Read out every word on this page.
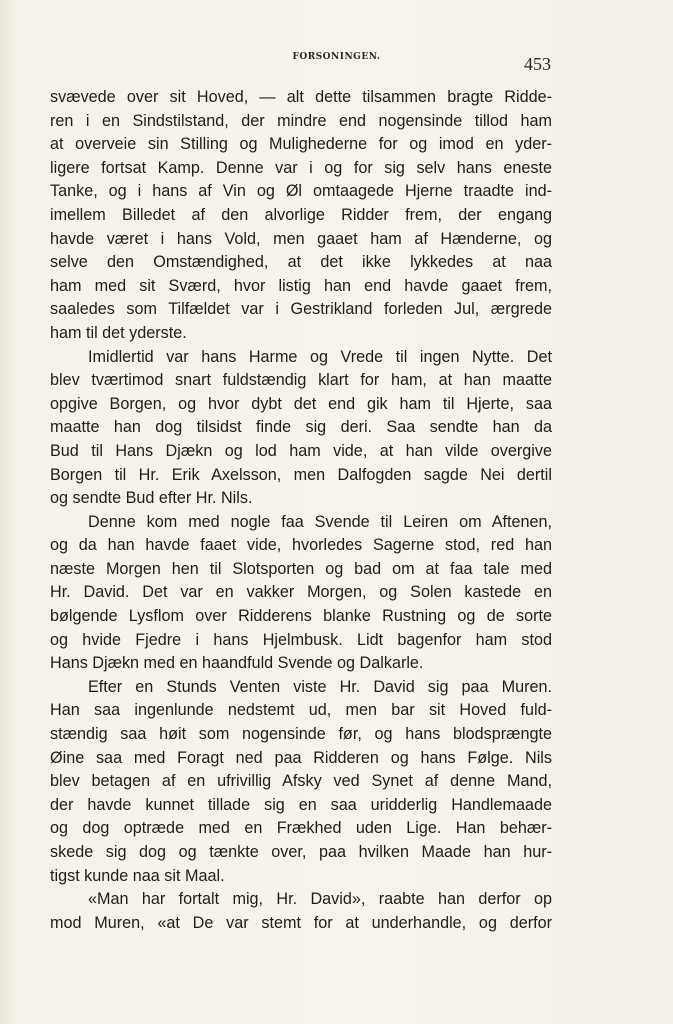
FORSONINGEN.	453
svævede over sit Hoved, — alt dette tilsammen bragte Ridde-
ren i en Sindstilstand, der mindre end nogensinde tillod ham
at overveie sin Stilling og Mulighederne for og imod en yder-
ligere fortsat Kamp. Denne var i og for sig selv hans eneste
Tanke, og i hans af Vin og Øl omtaagede Hjerne traadte ind-
imellem Billedet af den alvorlige Ridder frem, der engang
havde været i hans Vold, men gaaet ham af Hænderne, og
selve den Omstændighed, at det ikke lykkedes at naa
ham med sit Sværd, hvor listig han end havde gaaet frem,
saaledes som Tilfældet var i Gestrikland forleden Jul, ærgrede
ham til det yderste.
Imidlertid var hans Harme og Vrede til ingen Nytte. Det
blev tværtimod snart fuldstændig klart for ham, at han maatte
opgive Borgen, og hvor dybt det end gik ham til Hjerte, saa
maatte han dog tilsidst finde sig deri. Saa sendte han da
Bud til Hans Djækn og lod ham vide, at han vilde overgive
Borgen til Hr. Erik Axelsson, men Dalfogden sagde Nei dertil
og sendte Bud efter Hr. Nils.
Denne kom med nogle faa Svende til Leiren om Aftenen,
og da han havde faaet vide, hvorledes Sagerne stod, red han
næste Morgen hen til Slotsporten og bad om at faa tale med
Hr. David. Det var en vakker Morgen, og Solen kastede en
bølgende Lysflom over Ridderens blanke Rustning og de sorte
og hvide Fjedre i hans Hjelmbusk. Lidt bagenfor ham stod
Hans Djækn med en haandfuld Svende og Dalkarle.
Efter en Stunds Venten viste Hr. David sig paa Muren.
Han saa ingenlunde nedstemt ud, men bar sit Hoved fuld-
stændig saa høit som nogensinde før, og hans blodsprængte
Øine saa med Foragt ned paa Ridderen og hans Følge. Nils
blev betagen af en ufrivillig Afsky ved Synet af denne Mand,
der havde kunnet tillade sig en saa uridderlig Handlemaade
og dog optræde med en Frækhed uden Lige. Han behær-
skede sig dog og tænkte over, paa hvilken Maade han hur-
tigst kunde naa sit Maal.
«Man har fortalt mig, Hr. David», raabte han derfor op
mod Muren, «at De var stemt for at underhandle, og derfor
